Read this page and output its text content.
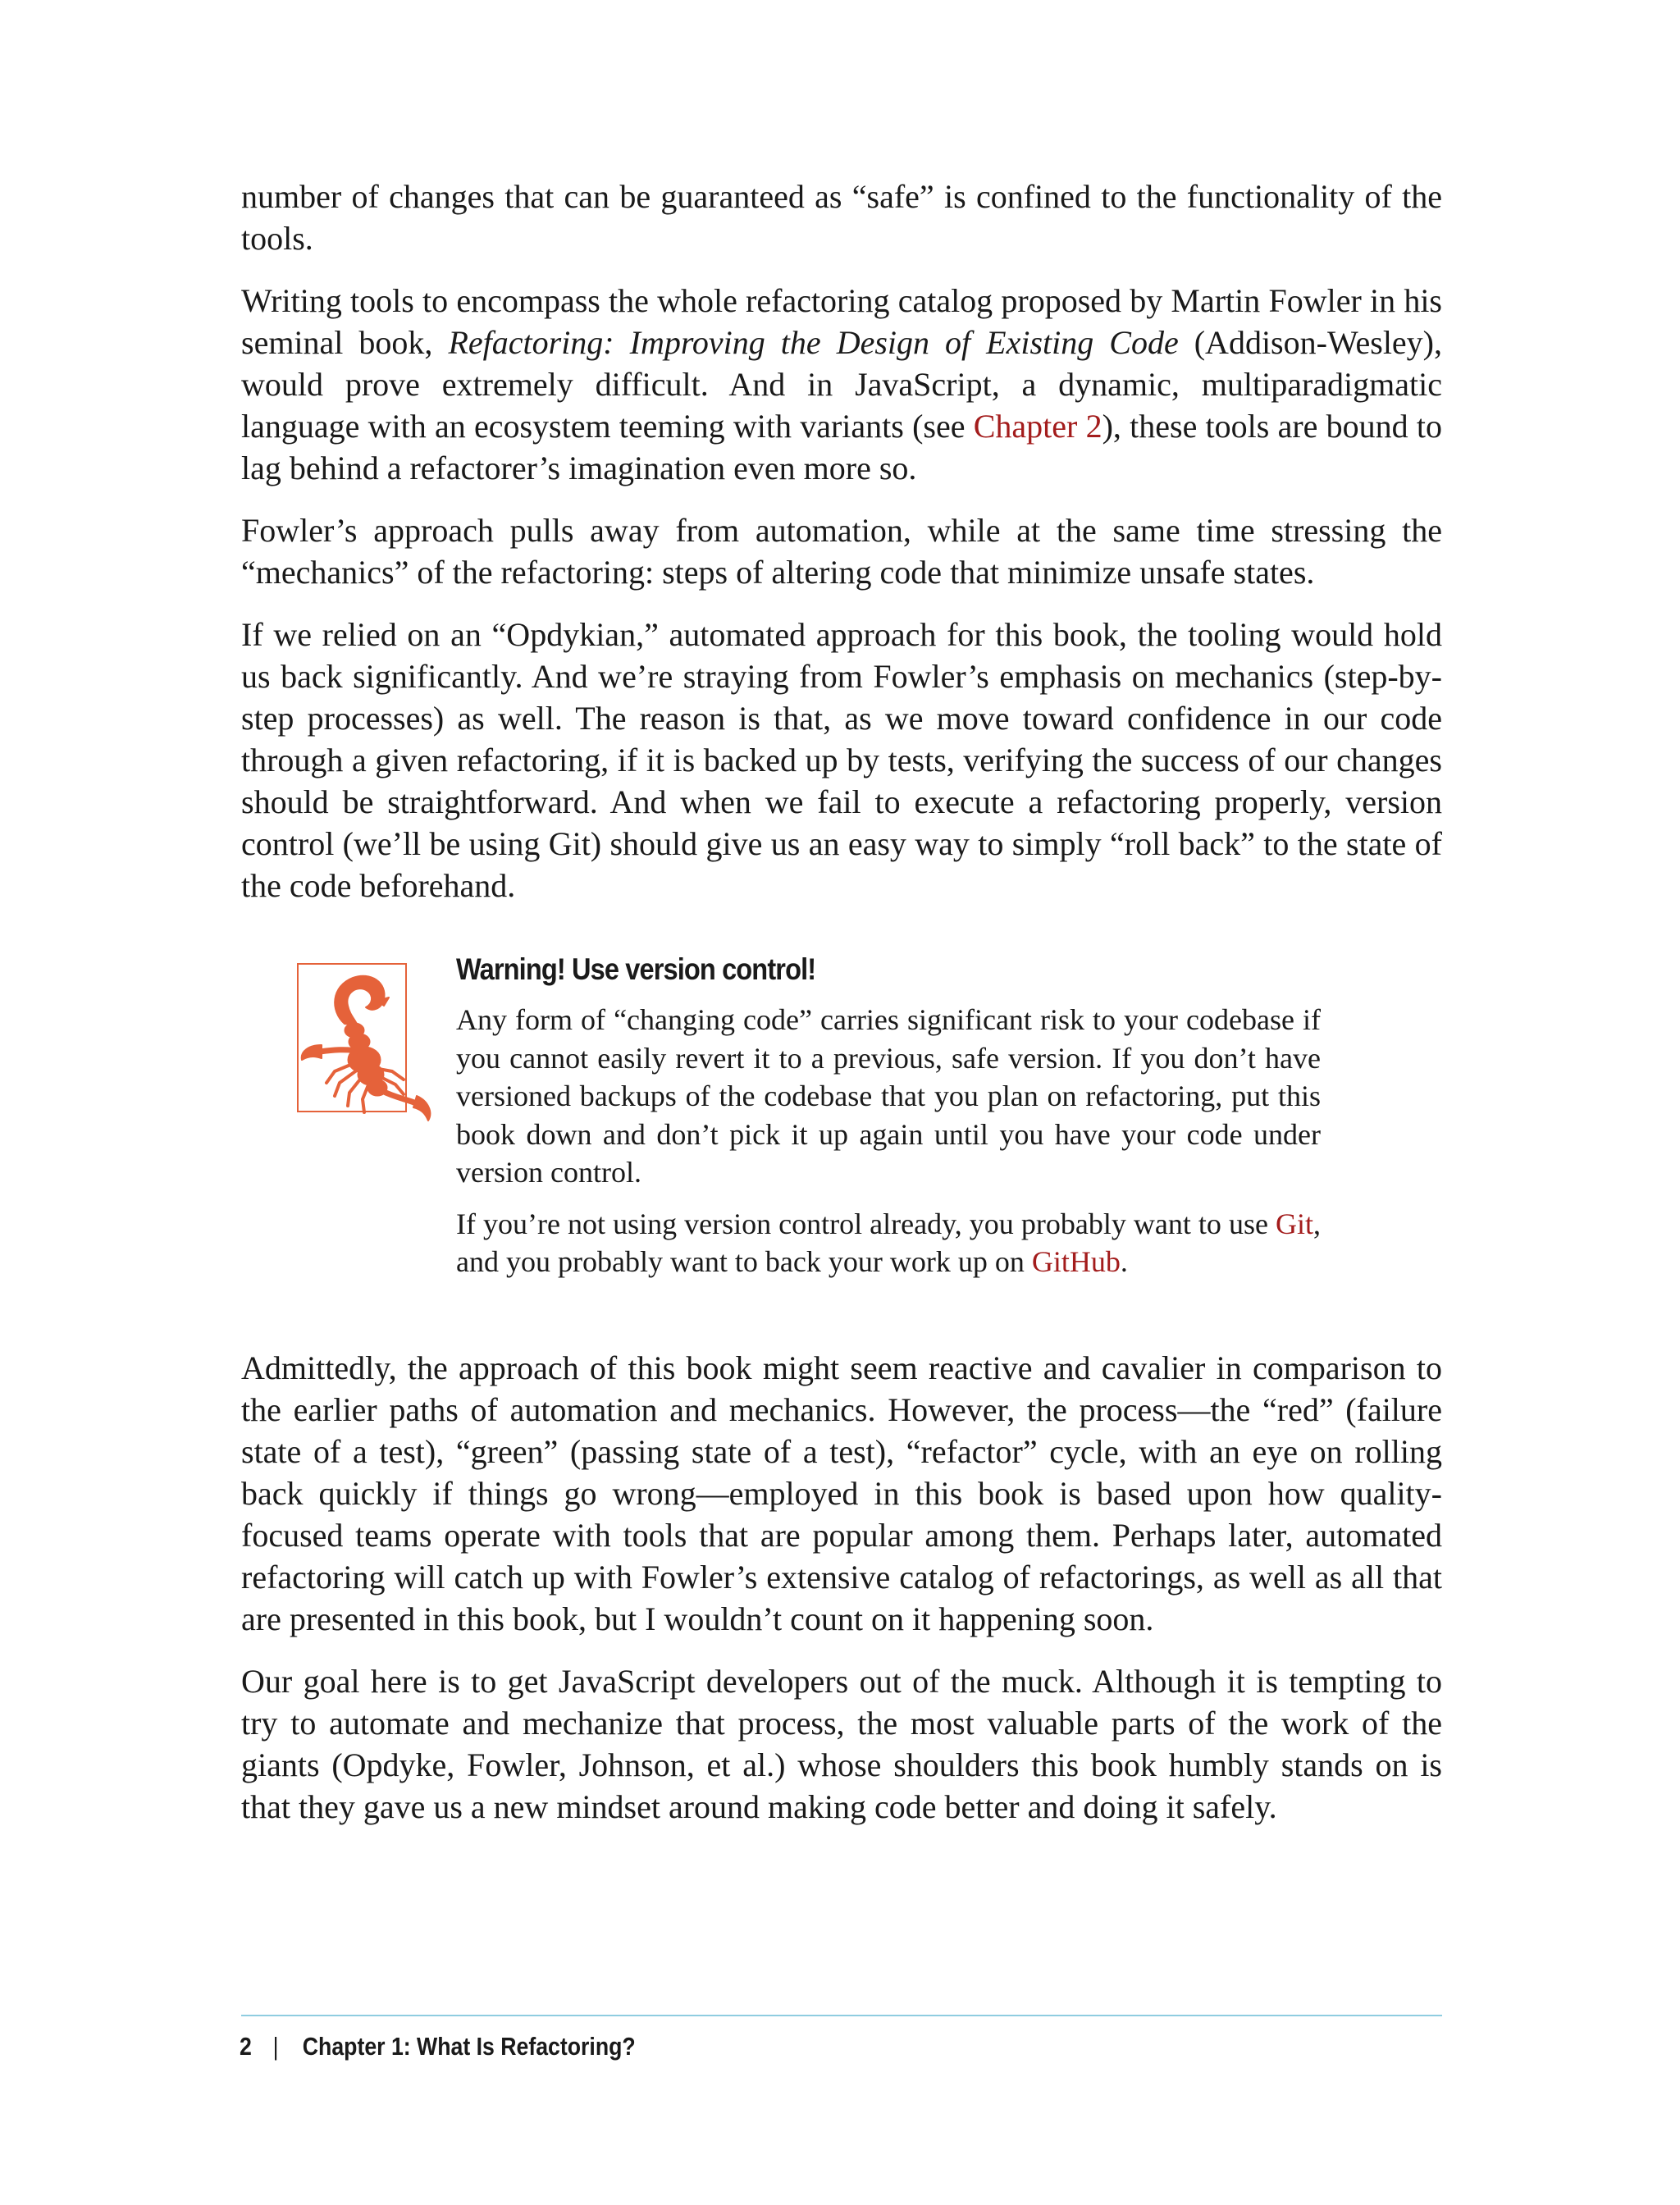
number of changes that can be guaranteed as “safe” is confined to the functionality of the tools.

Writing tools to encompass the whole refactoring catalog proposed by Martin Fowler in his seminal book, Refactoring: Improving the Design of Existing Code (Addison-Wesley), would prove extremely difficult. And in JavaScript, a dynamic, multiparadigmatic language with an ecosystem teeming with variants (see Chapter 2), these tools are bound to lag behind a refactorer’s imagination even more so.

Fowler’s approach pulls away from automation, while at the same time stressing the “mechanics” of the refactoring: steps of altering code that minimize unsafe states.

If we relied on an “Opdykian,” automated approach for this book, the tooling would hold us back significantly. And we’re straying from Fowler’s emphasis on mechanics (step-by-step processes) as well. The reason is that, as we move toward confidence in our code through a given refactoring, if it is backed up by tests, verifying the success of our changes should be straightforward. And when we fail to execute a refactoring properly, version control (we’ll be using Git) should give us an easy way to simply “roll back” to the state of the code beforehand.

Warning! Use version control!

Any form of “changing code” carries significant risk to your codebase if you cannot easily revert it to a previous, safe version. If you don’t have versioned backups of the codebase that you plan on refactoring, put this book down and don’t pick it up again until you have your code under version control.

If you’re not using version control already, you probably want to use Git, and you probably want to back your work up on GitHub.

Admittedly, the approach of this book might seem reactive and cavalier in comparison to the earlier paths of automation and mechanics. However, the process—the “red” (failure state of a test), “green” (passing state of a test), “refactor” cycle, with an eye on rolling back quickly if things go wrong—employed in this book is based upon how quality-focused teams operate with tools that are popular among them. Perhaps later, automated refactoring will catch up with Fowler’s extensive catalog of refactorings, as well as all that are presented in this book, but I wouldn’t count on it happening soon.

Our goal here is to get JavaScript developers out of the muck. Although it is tempting to try to automate and mechanize that process, the most valuable parts of the work of the giants (Opdyke, Fowler, Johnson, et al.) whose shoulders this book humbly stands on is that they gave us a new mindset around making code better and doing it safely.

2 | Chapter 1: What Is Refactoring?
